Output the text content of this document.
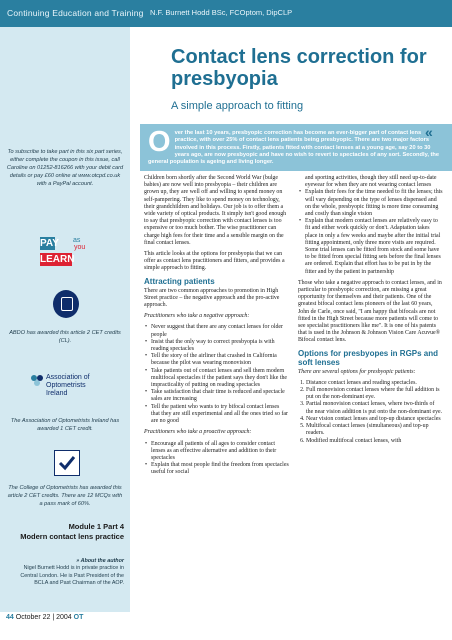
Continuing Education and Training N.F. Burnett Hodd BSc, FCOptom, DipCLP
To subscribe to take part in this six part series, either complete the coupon in this issue, call Caroline on 01252-816266 with your debit card details or pay £60 online at www.otcpd.co.uk with a PayPal account.
PAY
LEARN
as
you
ABDO has awarded this article 2 CET credits (CL).
Association of
Optometrists Ireland
The Association of Optometrists Ireland has awarded 1 CET credit.
The College of Optometrists has awarded this article 2 CET credits. There are 12 MCQs with a pass mark of 60%.
Module 1 Part 4
Modern contact lens practice
» About the author
Nigel Burnett Hodd is in private practice in Central London. He is Past President of the BCLA and Past Chairman of the AOP.
44 October 22 | 2004 OT
Contact lens correction for presbyopia
A simple approach to fitting
Over the last 10 years, presbyopic correction has become an ever-bigger part of contact lens practice, with over 25% of contact lens patients being presbyopic. There are two major factors involved in this process. Firstly, patients fitted with contact lenses at a young age, say 20 to 30 years ago, are now presbyopic and have no wish to revert to spectacles of any sort. Secondly, the general population is ageing and living longer.
«

Children born shortly after the Second World War (bulge babies) are now well into presbyopia – their children are grown up, they are well off and willing to spend money on self-pampering. They like to spend money on technology, their grandchildren and holidays. Our job is to offer them a wide variety of optical products. It simply isn't good enough to say that presbyopic correction with contact lenses is too expensive or too much bother. The wise practitioner can charge high fees for their time and a sensible margin on the final contact lenses.

This article looks at the options for presbyopia that we can offer as contact lens practitioners and fitters, and provides a simple approach to fitting.

Attracting patients

There are two common approaches to promotion in High Street practice – the negative approach and the pro-active approach.

Practitioners who take a negative approach:

• Never suggest that there are any contact lenses for older people
• Insist that the only way to correct presbyopia is with reading spectacles
• Tell the story of the airliner that crashed in California because the pilot was wearing monovision
• Take patients out of contact lenses and sell them modern multifocal spectacles if the patient says they don't like the impracticality of putting on reading spectacles
• Take satisfaction that chair time is reduced and spectacle sales are increasing
• Tell the patient who wants to try bifocal contact lenses that they are still experimental and all the ones tried so far are no good

Practitioners who take a proactive approach:

• Encourage all patients of all ages to consider contact lenses as an effective alternative and addition to their spectacles
• Explain that most people find the freedom from spectacles useful for social
and sporting activities, though they still need up-to-date eyewear for when they are not wearing contact lenses
• Explain their fees for the time needed to fit the lenses; this will vary depending on the type of lenses dispensed and on the whole, presbyopic fitting is more time consuming and costly than single vision
• Explain that modern contact lenses are relatively easy to fit and either work quickly or don't. Adaptation takes place in only a few weeks and maybe after the initial trial fitting appointment, only three more visits are required. Some trial lenses can be fitted from stock and some have to be fitted from special fitting sets before the final lenses are ordered. Explain that effort has to be put in by the fitter and by the patient in partnership

Those who take a negative approach to contact lenses, and in particular to presbyopic correction, are missing a great opportunity for themselves and their patients. One of the greatest bifocal contact lens pioneers of the last 60 years, John de Carle, once said, "I am happy that bifocals are not fitted in the High Street because more patients will come to see specialist practitioners like me". It is one of his patents that is used in the Johnson & Johnson Vision Care Acuvue® Bifocal contact lens.

Options for presbyopes in RGPs and soft lenses

There are several options for presbyopic patients:

1. Distance contact lenses and reading spectacles.
2. Full monovision contact lenses where the full addition is put on the non-dominant eye.
3. Partial monovision contact lenses, where two-thirds of the near vision addition is put onto the non-dominant eye.
4. Near vision contact lenses and top-up distance spectacles
5. Multifocal contact lenses (simultaneous) and top-up readers.
6. Modified multifocal contact lenses, with
